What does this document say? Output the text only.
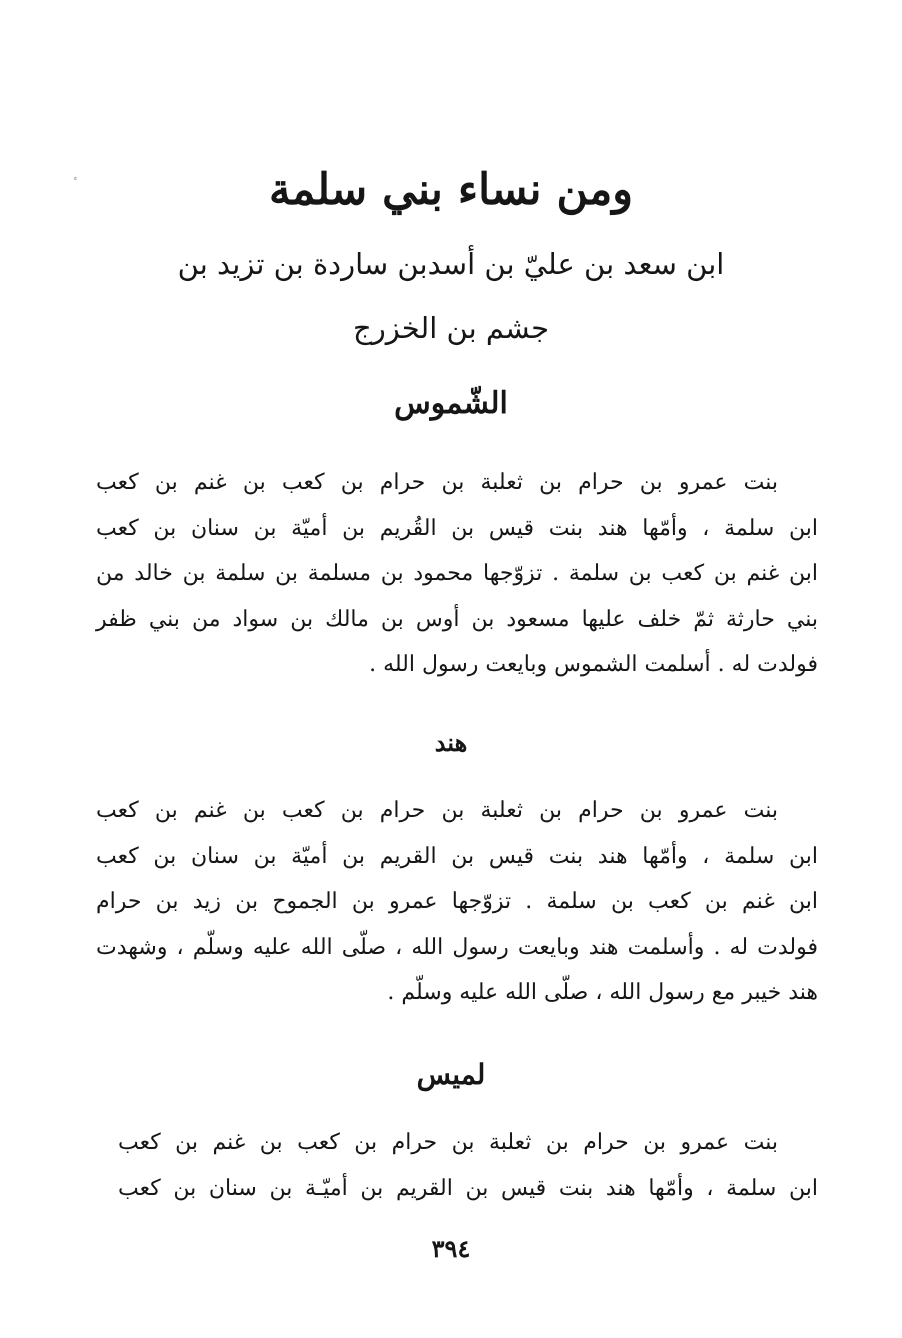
ومن نساء بني سلمة
ابن سعد بن عليّ بن أسدبن ساردة بن تزيد بن
جشم بن الخزرج
الشّموس
بنت عمرو بن حرام بن ثعلبة بن حرام بن كعب بن غنم بن كعب
ابن سلمة ، وأمّها هند بنت قيس بن القُريم بن أميّة بن سنان بن كعب
ابن غنم بن كعب بن سلمة . تزوّجها محمود بن مسلمة بن سلمة بن خالد من
بني حارثة ثمّ خلف عليها مسعود بن أوس بن مالك بن سواد من بني ظفر
فولدت له . أسلمت الشموس وبايعت رسول الله .
هند
بنت عمرو بن حرام بن ثعلبة بن حرام بن كعب بن غنم بن كعب
ابن سلمة ، وأمّها هند بنت قيس بن القريم بن أميّة بن سنان بن كعب
ابن غنم بن كعب بن سلمة . تزوّجها عمرو بن الجموح بن زيد بن حرام
فولدت له . وأسلمت هند وبايعت رسول الله ، صلّى الله عليه وسلّم ، وشهدت
هند خيبر مع رسول الله ، صلّى الله عليه وسلّم .
لميس
بنت عمرو بن حرام بن ثعلبة بن حرام بن كعب بن غنم بن كعب
ابن سلمة ، وأمّها هند بنت قيس بن القريم بن أميّـة بن سنان بن كعب
٣٩٤
